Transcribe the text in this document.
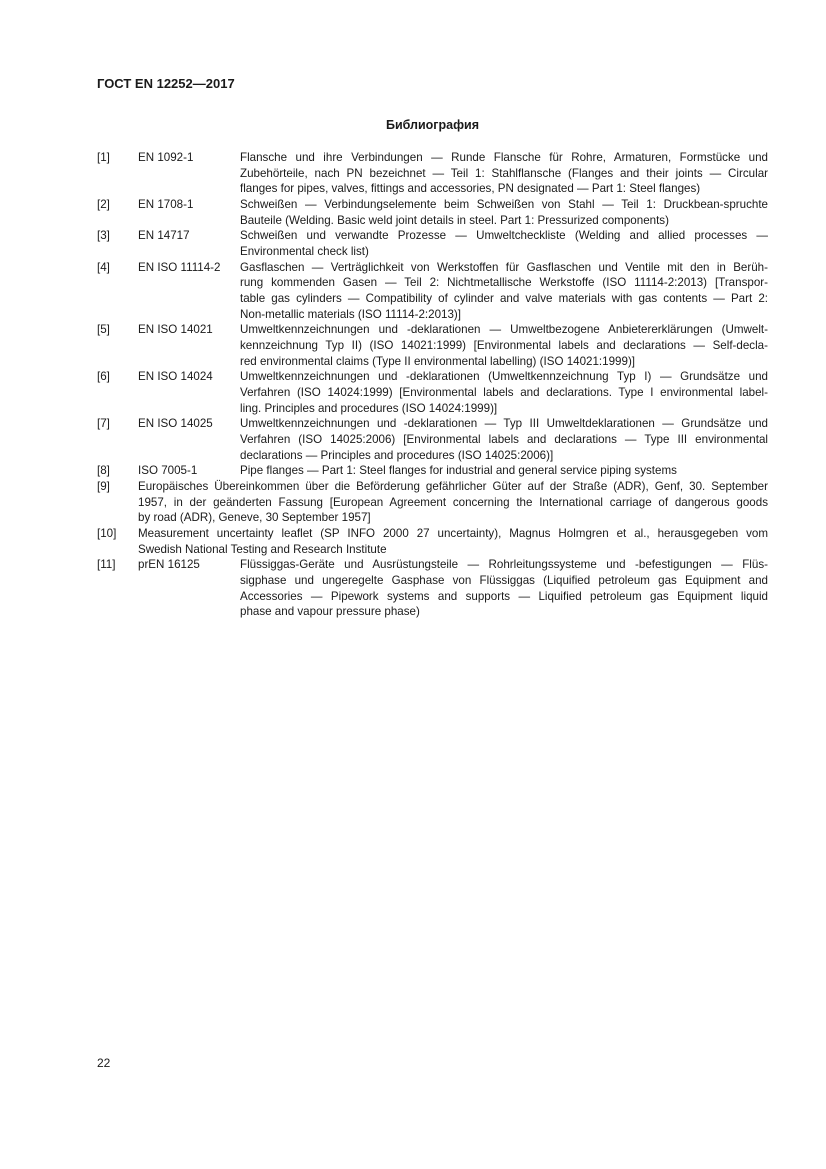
ГОСТ EN 12252—2017
Библиография
[1] EN 1092-1	Flansche und ihre Verbindungen — Runde Flansche für Rohre, Armaturen, Formstücke und
Zubehörteile, nach PN bezeichnet — Teil 1: Stahlflansche (Flanges and their joints — Circular
flanges for pipes, valves, fittings and accessories, PN designated — Part 1: Steel flanges)
[2] EN 1708-1	Schweißen — Verbindungselemente beim Schweißen von Stahl — Teil 1: Druckbean-spruchte
Bauteile (Welding. Basic weld joint details in steel. Part 1: Pressurized components)
[3] EN 14717	Schweißen und verwandte Prozesse — Umweltcheckliste (Welding and allied processes —
Environmental check list)
[4] EN ISO 11114-2 Gasflaschen — Verträglichkeit von Werkstoffen für Gasflaschen und Ventile mit den in Berüh-
rung kommenden Gasen — Teil 2: Nichtmetallische Werkstoffe (ISO 11114-2:2013) [Transpor-
table gas cylinders — Compatibility of cylinder and valve materials with gas contents — Part 2:
Non-metallic materials (ISO 11114-2:2013)]
[5] EN ISO 14021 Umweltkennzeichnungen und -deklarationen — Umweltbezogene Anbietererklärungen (Umwelt-
kennzeichnung Typ II) (ISO 14021:1999) [Environmental labels and declarations — Self-decla-
red environmental claims (Type II environmental labelling) (ISO 14021:1999)]
[6] EN ISO 14024 Umweltkennzeichnungen und -deklarationen (Umweltkennzeichnung Typ I) — Grundsätze und
Verfahren (ISO 14024:1999) [Environmental labels and declarations. Type I environmental label-
ling. Principles and procedures (ISO 14024:1999)]
[7] EN ISO 14025 Umweltkennzeichnungen und -deklarationen — Typ III Umweltdeklarationen — Grundsätze und
Verfahren (ISO 14025:2006) [Environmental labels and declarations — Type III environmental
declarations — Principles and procedures (ISO 14025:2006)]
[8] ISO 7005-1	Pipe flanges — Part 1: Steel flanges for industrial and general service piping systems
[9] Europäisches Übereinkommen über die Beförderung gefährlicher Güter auf der Straße (ADR), Genf, 30. September
1957, in der geänderten Fassung [European Agreement concerning the International carriage of dangerous goods
by road (ADR), Geneve, 30 September 1957]
[10] Measurement uncertainty leaflet (SP INFO 2000 27 uncertainty), Magnus Holmgren et al., herausgegeben vom
Swedish National Testing and Research Institute
[11] prEN 16125	Flüssiggas-Geräte und Ausrüstungsteile — Rohrleitungssysteme und -befestigungen — Flüs-
sigphase und ungeregelte Gasphase von Flüssiggas (Liquified petroleum gas Equipment and
Accessories — Pipework systems and supports — Liquified petroleum gas Equipment liquid
phase and vapour pressure phase)
22
